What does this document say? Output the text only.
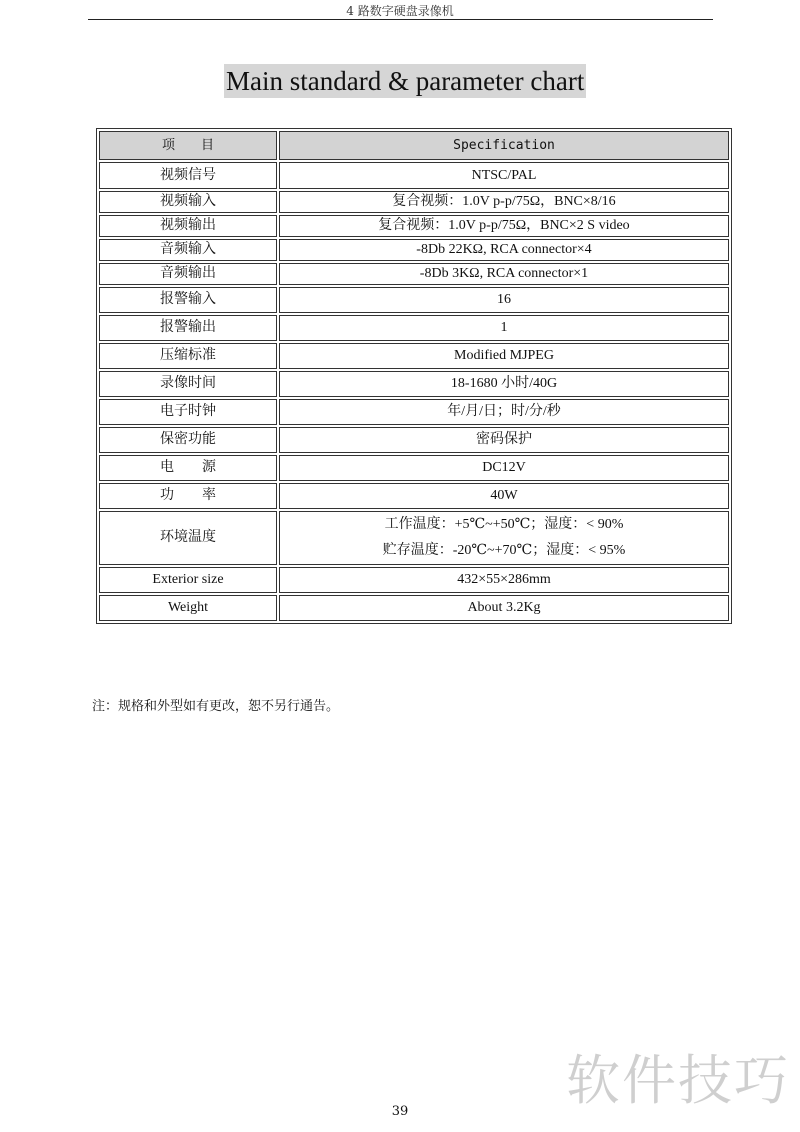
4 路数字硬盘录像机
Main standard & parameter chart
项　　目	Specification
视频信号	NTSC/PAL
视频输入	复合视频：1.0V p-p/75Ω，BNC×8/16
视频输出	复合视频：1.0V p-p/75Ω，BNC×2 S video
音频输入	-8Db 22KΩ, RCA connector×4
音频输出	-8Db 3KΩ, RCA connector×1
报警输入	16
报警输出	1
压缩标准	Modified MJPEG
录像时间	18-1680 小时/40G
电子时钟	年/月/日；时/分/秒
保密功能	密码保护
电　　源	DC12V
功　　率	40W
环境温度	工作温度：+5℃~+50℃；湿度：< 90%
贮存温度：-20℃~+70℃；湿度：< 95%

Exterior size	432×55×286mm
Weight	About 3.2Kg
注：规格和外型如有更改，恕不另行通告。
软件技巧
39
